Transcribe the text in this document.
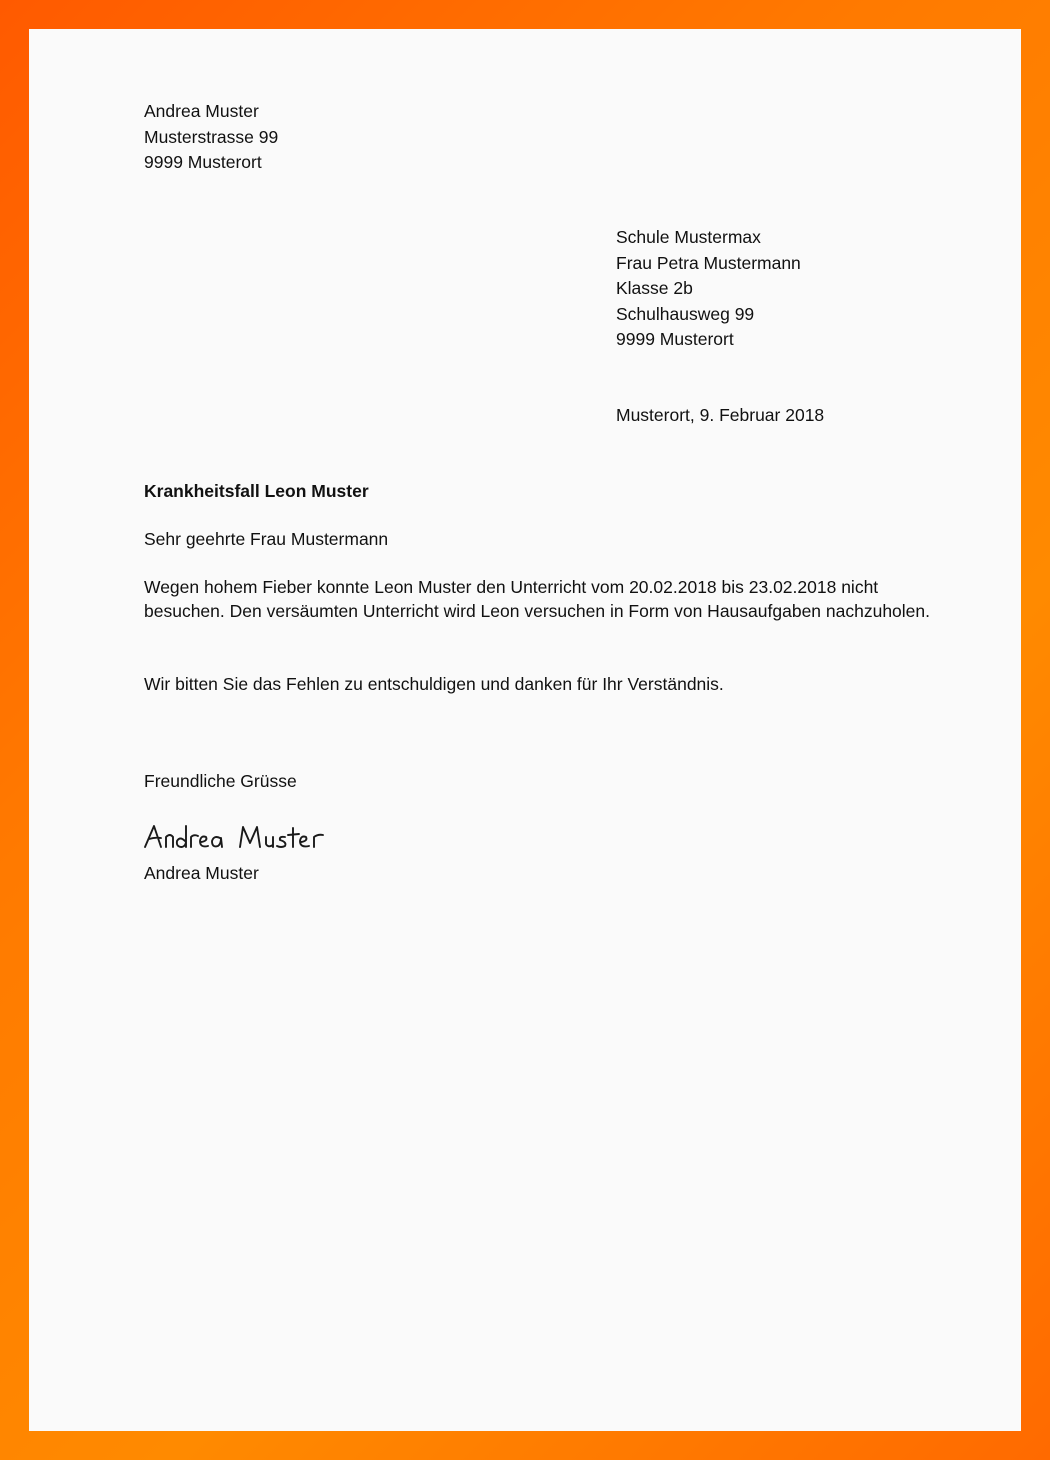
Andrea Muster
Musterstrasse 99
9999 Musterort
Schule Mustermax
Frau Petra Mustermann
Klasse 2b
Schulhausweg 99
9999 Musterort
Musterort, 9. Februar 2018
Krankheitsfall Leon Muster
Sehr geehrte Frau Mustermann
Wegen hohem Fieber konnte Leon Muster den Unterricht vom 20.02.2018 bis 23.02.2018 nicht besuchen. Den versäumten Unterricht wird Leon versuchen in Form von Hausaufgaben nachzuholen.
Wir bitten Sie das Fehlen zu entschuldigen und danken für Ihr Verständnis.
Freundliche Grüsse
Andrea Muster
